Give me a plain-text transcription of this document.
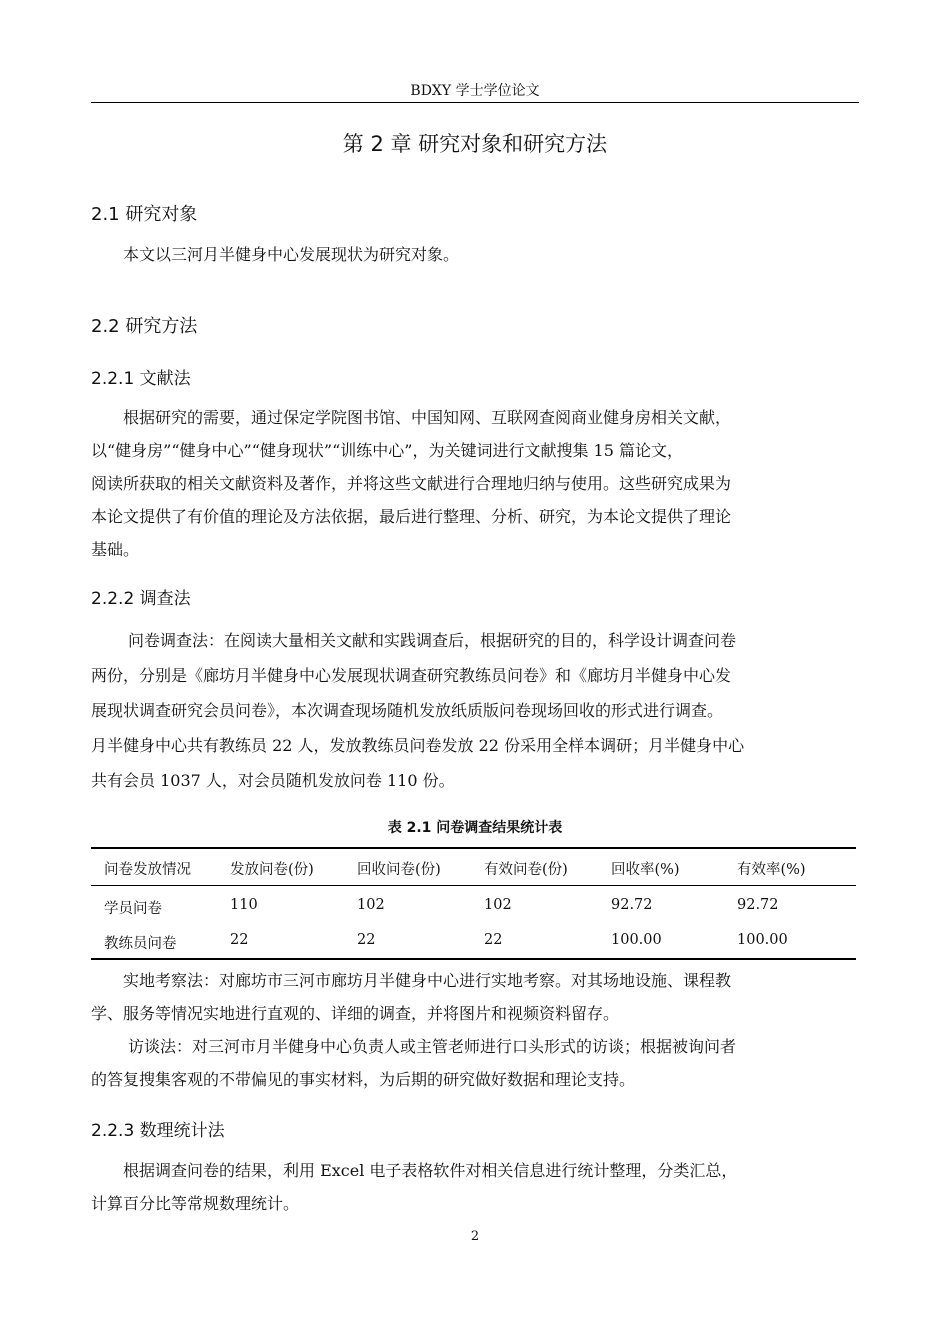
BDXY 学士学位论文
第 2 章 研究对象和研究方法
2.1 研究对象
本文以三河月半健身中心发展现状为研究对象。
2.2 研究方法
2.2.1 文献法
根据研究的需要，通过保定学院图书馆、中国知网、互联网查阅商业健身房相关文献，
以“健身房”“健身中心”“健身现状”“训练中心”，为关键词进行文献搜集 15 篇论文，
阅读所获取的相关文献资料及著作，并将这些文献进行合理地归纳与使用。这些研究成果为
本论文提供了有价值的理论及方法依据，最后进行整理、分析、研究，为本论文提供了理论
基础。
2.2.2 调查法
问卷调查法：在阅读大量相关文献和实践调查后，根据研究的目的，科学设计调查问卷
两份，分别是《廊坊月半健身中心发展现状调查研究教练员问卷》和《廊坊月半健身中心发
展现状调查研究会员问卷》，本次调查现场随机发放纸质版问卷现场回收的形式进行调查。
月半健身中心共有教练员 22 人，发放教练员问卷发放 22 份采用全样本调研；月半健身中心
共有会员 1037 人，对会员随机发放问卷 110 份。
表 2.1 问卷调查结果统计表
问卷发放情况	发放问卷(份)	回收问卷(份)	有效问卷(份)	回收率(%)	有效率(%)
学员问卷	110	102	102	92.72	92.72
教练员问卷	22	22	22	100.00	100.00
实地考察法：对廊坊市三河市廊坊月半健身中心进行实地考察。对其场地设施、课程教
学、服务等情况实地进行直观的、详细的调查，并将图片和视频资料留存。
访谈法：对三河市月半健身中心负责人或主管老师进行口头形式的访谈；根据被询问者
的答复搜集客观的不带偏见的事实材料，为后期的研究做好数据和理论支持。
2.2.3 数理统计法
根据调查问卷的结果，利用 Excel 电子表格软件对相关信息进行统计整理，分类汇总，
计算百分比等常规数理统计。
2
